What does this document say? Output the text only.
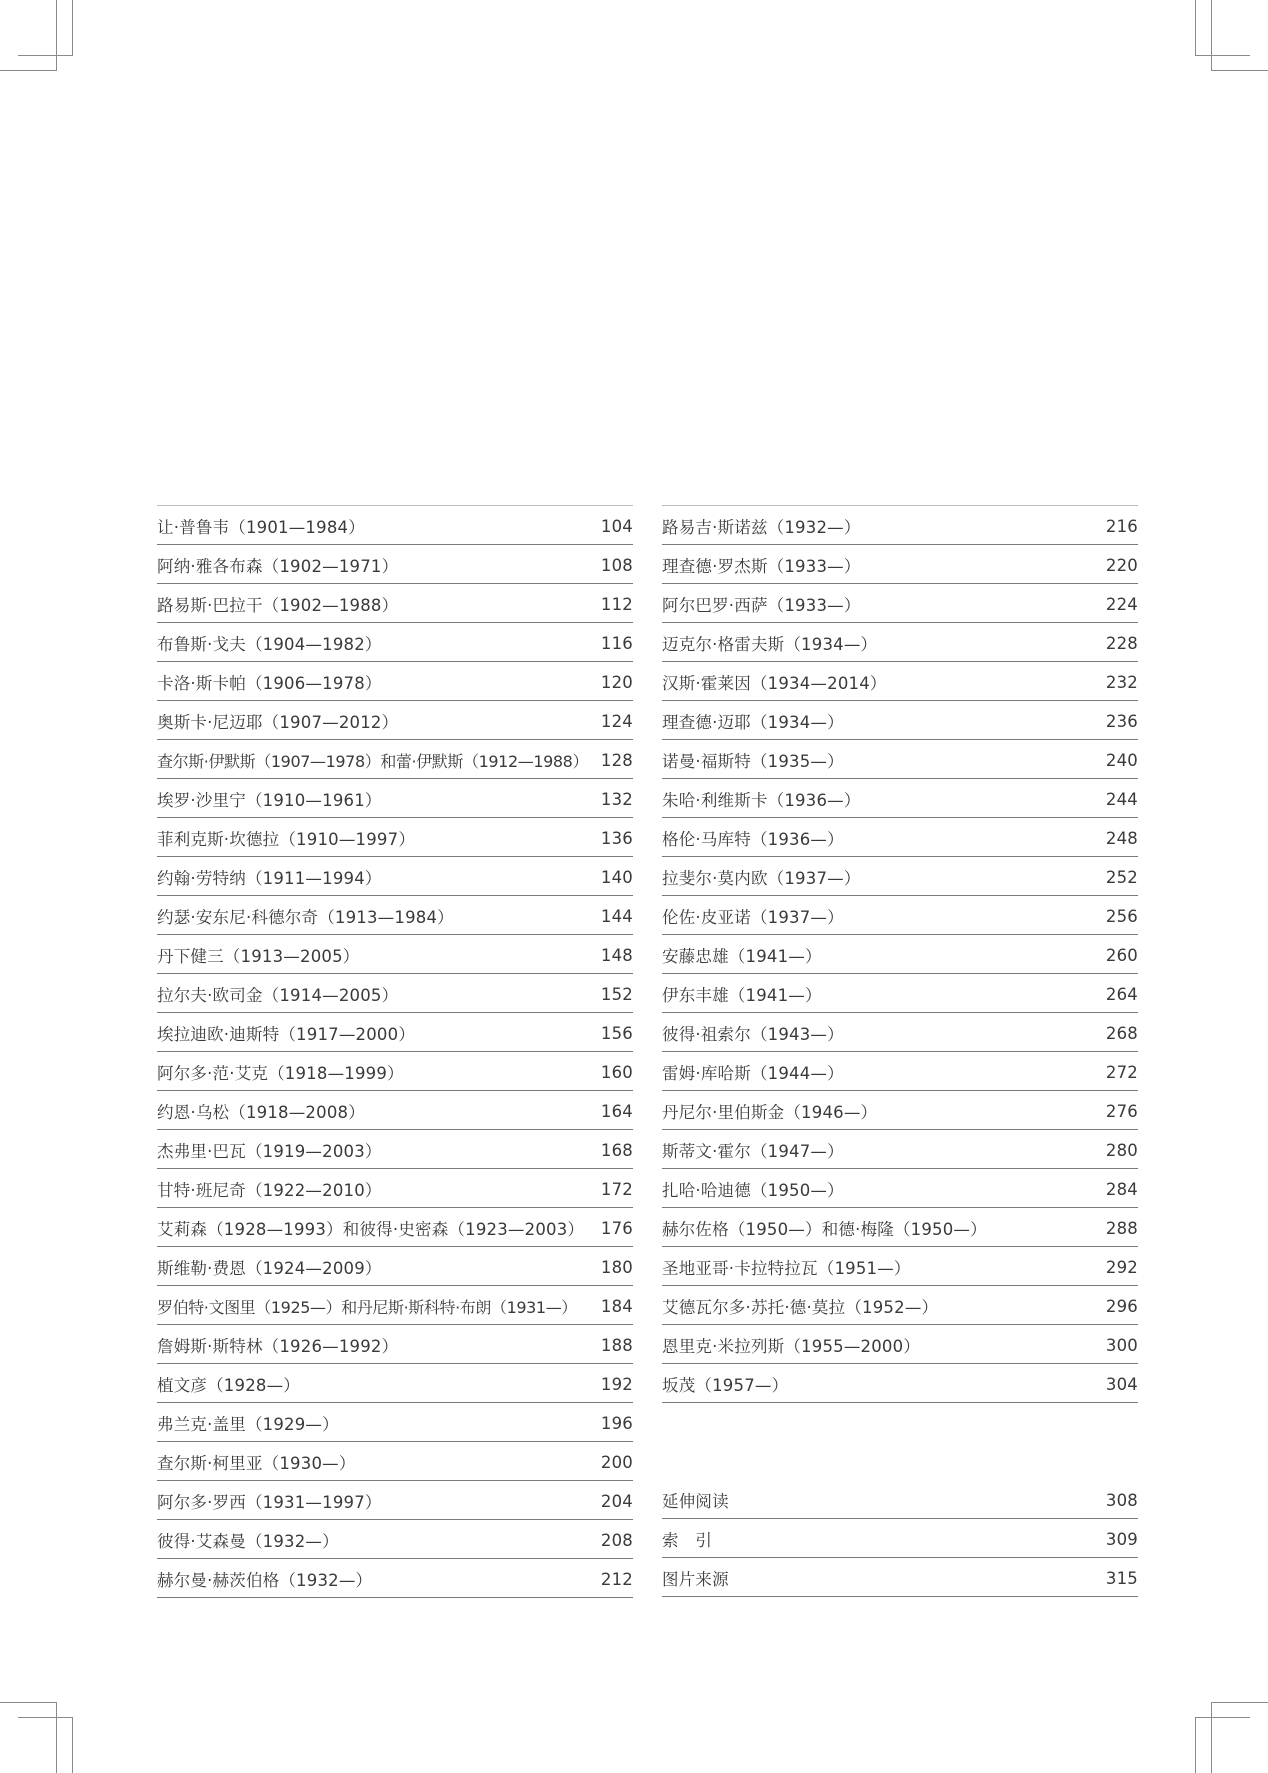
让·普鲁韦（1901—1984）	104
阿纳·雅各布森（1902—1971）	108
路易斯·巴拉干（1902—1988）	112
布鲁斯·戈夫（1904—1982）	116
卡洛·斯卡帕（1906—1978）	120
奥斯卡·尼迈耶（1907—2012）	124
查尔斯·伊默斯（1907—1978）和蕾·伊默斯（1912—1988） 128
埃罗·沙里宁（1910—1961）	132
菲利克斯·坎德拉（1910—1997）	136
约翰·劳特纳（1911—1994）	140
约瑟·安东尼·科德尔奇（1913—1984）	144
丹下健三（1913—2005）	148
拉尔夫·欧司金（1914—2005）	152
埃拉迪欧·迪斯特（1917—2000）	156
阿尔多·范·艾克（1918—1999）	160
约恩·乌松（1918—2008）	164
杰弗里·巴瓦（1919—2003）	168
甘特·班尼奇（1922—2010）	172
艾莉森（1928—1993）和彼得·史密森（1923—2003）	176
斯维勒·费恩（1924—2009）	180
罗伯特·文图里（1925—）和丹尼斯·斯科特·布朗（1931—）	184
詹姆斯·斯特林（1926—1992）	188
植文彦（1928—）	192
弗兰克·盖里（1929—）	196
查尔斯·柯里亚（1930—）	200
阿尔多·罗西（1931—1997）	204
彼得·艾森曼（1932—）	208
赫尔曼·赫茨伯格（1932—）	212
路易吉·斯诺兹（1932—）	216
理查德·罗杰斯（1933—）	220
阿尔巴罗·西萨（1933—）	224
迈克尔·格雷夫斯（1934—）	228
汉斯·霍莱因（1934—2014）	232
理查德·迈耶（1934—）	236
诺曼·福斯特（1935—）	240
朱哈·利维斯卡（1936—）	244
格伦·马库特（1936—）	248
拉斐尔·莫内欧（1937—）	252
伦佐·皮亚诺（1937—）	256
安藤忠雄（1941—）	260
伊东丰雄（1941—）	264
彼得·祖索尔（1943—）	268
雷姆·库哈斯（1944—）	272
丹尼尔·里伯斯金（1946—）	276
斯蒂文·霍尔（1947—）	280
扎哈·哈迪德（1950—）	284
赫尔佐格（1950—）和德·梅隆（1950—）	288
圣地亚哥·卡拉特拉瓦（1951—）	292
艾德瓦尔多·苏托·德·莫拉（1952—）	296
恩里克·米拉列斯（1955—2000）	300
坂茂（1957—）	304
延伸阅读	308
索　引	309
图片来源	315
